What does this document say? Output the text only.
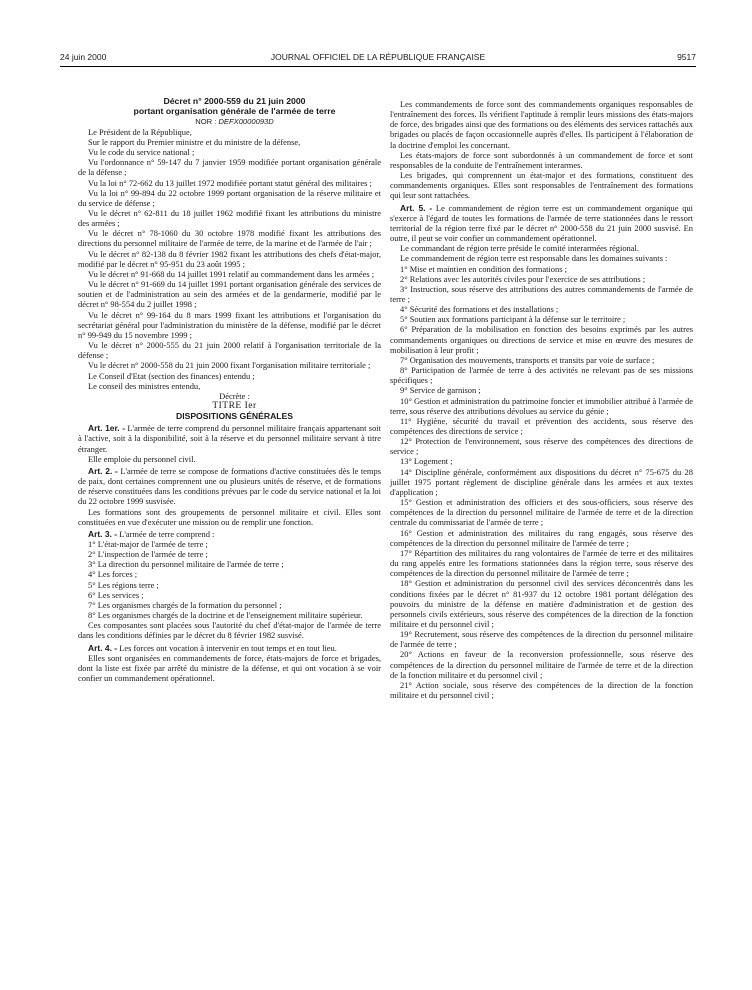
24 juin 2000	JOURNAL OFFICIEL DE LA RÉPUBLIQUE FRANÇAISE	9517

Décret n° 2000-559 du 21 juin 2000

portant organisation générale de l'armée de terre

NOR : DEFX0000093D

Le Président de la République,

Sur le rapport du Premier ministre et du ministre de la défense,

Vu le code du service national ;

Vu l'ordonnance n° 59-147 du 7 janvier 1959 modifiée portant organisation générale de la défense ;

Vu la loi n° 72-662 du 13 juillet 1972 modifiée portant statut général des militaires ;

Vu la loi n° 99-894 du 22 octobre 1999 portant organisation de la réserve militaire et du service de défense ;

Vu le décret n° 62-811 du 18 juillet 1962 modifié fixant les attributions du ministre des armées ;

Vu le décret n° 78-1060 du 30 octobre 1978 modifié fixant les attributions des directions du personnel militaire de l'armée de terre, de la marine et de l'armée de l'air ;

Vu le décret n° 82-138 du 8 février 1982 fixant les attributions des chefs d'état-major, modifié par le décret n° 95-951 du 23 août 1995 ;

Vu le décret n° 91-668 du 14 juillet 1991 relatif au commandement dans les armées ;

Vu le décret n° 91-669 du 14 juillet 1991 portant organisation générale des services de soutien et de l'administration au sein des armées et de la gendarmerie, modifié par le décret n° 98-554 du 2 juillet 1998 ;

Vu le décret n° 99-164 du 8 mars 1999 fixant les attributions et l'organisation du secrétariat général pour l'administration du ministère de la défense, modifié par le décret n° 99-949 du 15 novembre 1999 ;

Vu le décret n° 2000-555 du 21 juin 2000 relatif à l'organisation territoriale de la défense ;

Vu le décret n° 2000-558 du 21 juin 2000 fixant l'organisation militaire territoriale ;

Le Conseil d'Etat (section des finances) entendu ;

Le conseil des ministres entendu,

Décrète :

TITRE Ier

DISPOSITIONS GÉNÉRALES

Art. 1er. - L'armée de terre comprend du personnel militaire français appartenant soit à l'active, soit à la disponibilité, soit à la réserve et du personnel militaire servant à titre étranger.

Elle emploie du personnel civil.

Art. 2. - L'armée de terre se compose de formations d'active constituées dès le temps de paix, dont certaines comprennent une ou plusieurs unités de réserve, et de formations de réserve constituées dans les conditions prévues par le code du service national et la loi du 22 octobre 1999 susvisée.

Les formations sont des groupements de personnel militaire et civil. Elles sont constituées en vue d'exécuter une mission ou de remplir une fonction.

Art. 3. - L'armée de terre comprend :

1° L'état-major de l'armée de terre ;

2° L'inspection de l'armée de terre ;

3° La direction du personnel militaire de l'armée de terre ;

4° Les forces ;

5° Les régions terre ;

6° Les services ;

7° Les organismes chargés de la formation du personnel ;

8° Les organismes chargés de la doctrine et de l'enseignement militaire supérieur.

Ces composantes sont placées sous l'autorité du chef d'état-major de l'armée de terre dans les conditions définies par le décret du 8 février 1982 susvisé.

Art. 4. - Les forces ont vocation à intervenir en tout temps et en tout lieu.

Elles sont organisées en commandements de force, états-majors de force et brigades, dont la liste est fixée par arrêté du ministre de la défense, et qui ont vocation à se voir confier un commandement opérationnel.

Les commandements de force sont des commandements organiques responsables de l'entraînement des forces. Ils vérifient l'aptitude à remplir leurs missions des états-majors de force, des brigades ainsi que des formations ou des éléments des services rattachés aux brigades ou placés de façon occasionnelle auprès d'elles. Ils participent à l'élaboration de la doctrine d'emploi les concernant.

Les états-majors de force sont subordonnés à un commandement de force et sont responsables de la conduite de l'entraînement interarmes.

Les brigades, qui comprennent un état-major et des formations, constituent des commandements organiques. Elles sont responsables de l'entraînement des formations qui leur sont rattachées.

Art. 5. - Le commandement de région terre est un commandement organique qui s'exerce à l'égard de toutes les formations de l'armée de terre stationnées dans le ressort territorial de la région terre fixé par le décret n° 2000-558 du 21 juin 2000 susvisé. En outre, il peut se voir confier un commandement opérationnel.

Le commandant de région terre préside le comité interarmées régional.

Le commandement de région terre est responsable dans les domaines suivants :

1° Mise et maintien en condition des formations ;

2° Relations avec les autorités civiles pour l'exercice de ses attributions ;

3° Instruction, sous réserve des attributions des autres commandements de l'armée de terre ;

4° Sécurité des formations et des installations ;

5° Soutien aux formations participant à la défense sur le territoire ;

6° Préparation de la mobilisation en fonction des besoins exprimés par les autres commandements organiques ou directions de service et mise en œuvre des mesures de mobilisation à leur profit ;

7° Organisation des mouvements, transports et transits par voie de surface ;

8° Participation de l'armée de terre à des activités ne relevant pas de ses missions spécifiques ;

9° Service de garnison ;

10° Gestion et administration du patrimoine foncier et immobilier attribué à l'armée de terre, sous réserve des attributions dévolues au service du génie ;

11° Hygiène, sécurité du travail et prévention des accidents, sous réserve des compétences des directions de service ;

12° Protection de l'environnement, sous réserve des compétences des directions de service ;

13° Logement ;

14° Discipline générale, conformément aux dispositions du décret n° 75-675 du 28 juillet 1975 portant règlement de discipline générale dans les armées et aux textes d'application ;

15° Gestion et administration des officiers et des sous-officiers, sous réserve des compétences de la direction du personnel militaire de l'armée de terre et de la direction centrale du commissariat de l'armée de terre ;

16° Gestion et administration des militaires du rang engagés, sous réserve des compétences de la direction du personnel militaire de l'armée de terre ;

17° Répartition des militaires du rang volontaires de l'armée de terre et des militaires du rang appelés entre les formations stationnées dans la région terre, sous réserve des compétences de la direction du personnel militaire de l'armée de terre ;

18° Gestion et administration du personnel civil des services déconcentrés dans les conditions fixées par le décret n° 81-937 du 12 octobre 1981 portant délégation des pouvoirs du ministre de la défense en matière d'administration et de gestion des personnels civils extérieurs, sous réserve des compétences de la direction de la fonction militaire et du personnel civil ;

19° Recrutement, sous réserve des compétences de la direction du personnel militaire de l'armée de terre ;

20° Actions en faveur de la reconversion professionnelle, sous réserve des compétences de la direction du personnel militaire de l'armée de terre et de la direction de la fonction militaire et du personnel civil ;

21° Action sociale, sous réserve des compétences de la direction de la fonction militaire et du personnel civil ;
